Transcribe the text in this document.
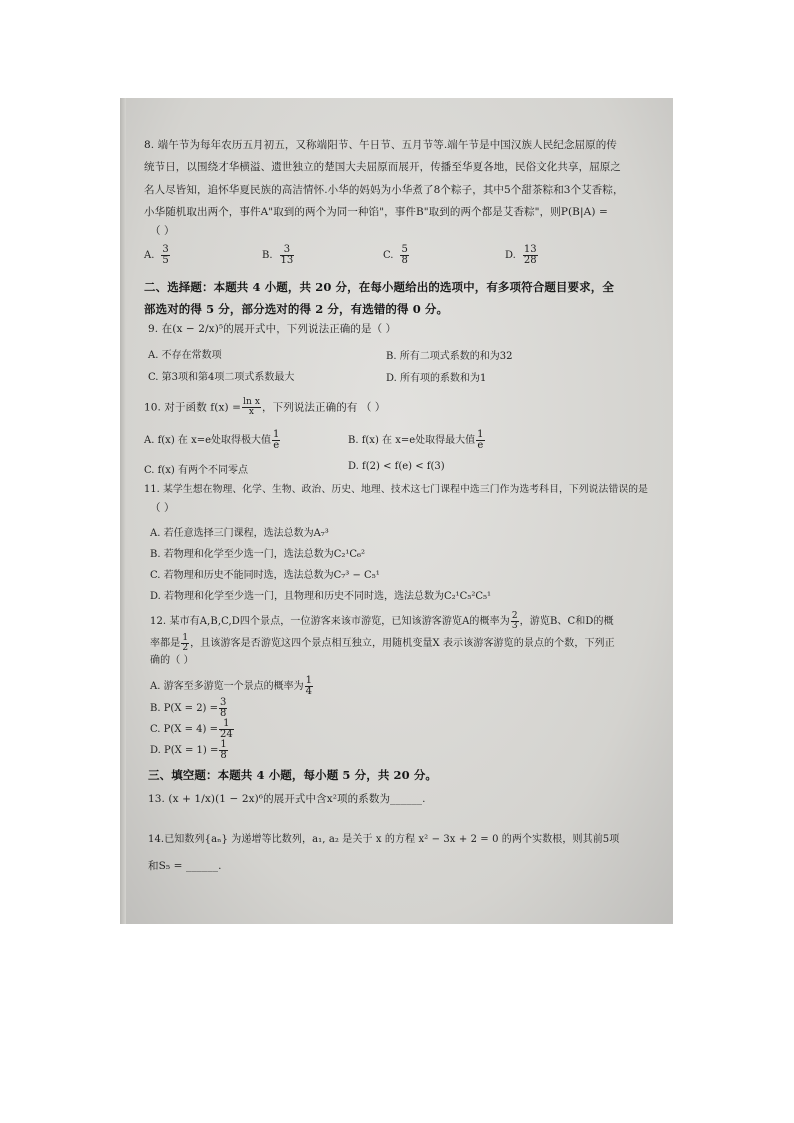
8. 端午节为每年农历五月初五，又称端阳节、午日节、五月节等.端午节是中国汉族人民纪念屈原的传
统节日，以围绕才华横溢、遗世独立的楚国大夫屈原而展开，传播至华夏各地，民俗文化共享，屈原之
名人尽皆知，追怀华夏民族的高洁情怀.小华的妈妈为小华煮了8个粽子，其中5个甜茶粽和3个艾香粽，
小华随机取出两个，事件A"取到的两个为同一种馅"，事件B"取到的两个都是艾香粽"，则P(B|A) =
（ ）
A. $\frac{3}{5}$	B. $\frac{3}{13}$	C. $\frac{5}{8}$	D. $\frac{13}{28}$
二、选择题：本题共 4 小题，共 20 分，在每小题给出的选项中，有多项符合题目要求，全
部选对的得 5 分，部分选对的得 2 分，有选错的得 0 分。
9. 在(x − 2/x)⁵的展开式中，下列说法正确的是（ ）
A. 不存在常数项	B. 所有二项式系数的和为32
C. 第3项和第4项二项式系数最大	D. 所有项的系数和为1
10. 对于函数 $f(x) = \frac{\text{ln x}}{x}$ ，下列说法正确的有 （ ）
A. f(x) 在 x=e处取得极大值 $\frac{1}{e}$	B. f(x) 在 x=e处取得最大值 $\frac{1}{e}$
C. f(x) 有两个不同零点	D. f(2) < f(e) < f(3)
11. 某学生想在物理、化学、生物、政治、历史、地理、技术这七门课程中选三门作为选考科目，下列说法错误的是
（ ）
A. 若任意选择三门课程，选法总数为A₇³
B. 若物理和化学至少选一门，选法总数为C₂¹C₆²
C. 若物理和历史不能同时选，选法总数为C₇³ − C₅¹
D. 若物理和化学至少选一门，且物理和历史不同时选，选法总数为C₂¹C₅²C₅¹
12. 某市有A,B,C,D四个景点，一位游客来该市游览，已知该游客游览A的概率为 $\frac{2}{3}$ ，游览B、C和D的概
率都是 $\frac{1}{2}$ ，且该游客是否游览这四个景点相互独立，用随机变量X 表示该游客游览的景点的个数，下列正
确的（ ）
A. 游客至多游览一个景点的概率为 $\frac{1}{4}$
B. $P(X = 2) = \frac{3}{8}$
C. $P(X = 4) = \frac{1}{24}$
D. $P(X = 1) = \frac{1}{8}$
三、填空题：本题共 4 小题，每小题 5 分，共 20 分。
13. (x + 1/x)(1 − 2x)⁶的展开式中含x²项的系数为______.
14.已知数列{aₙ} 为递增等比数列，a₁, a₂ 是关于 x 的方程 x² − 3x + 2 = 0 的两个实数根，则其前5项
和S₅ = ______.
